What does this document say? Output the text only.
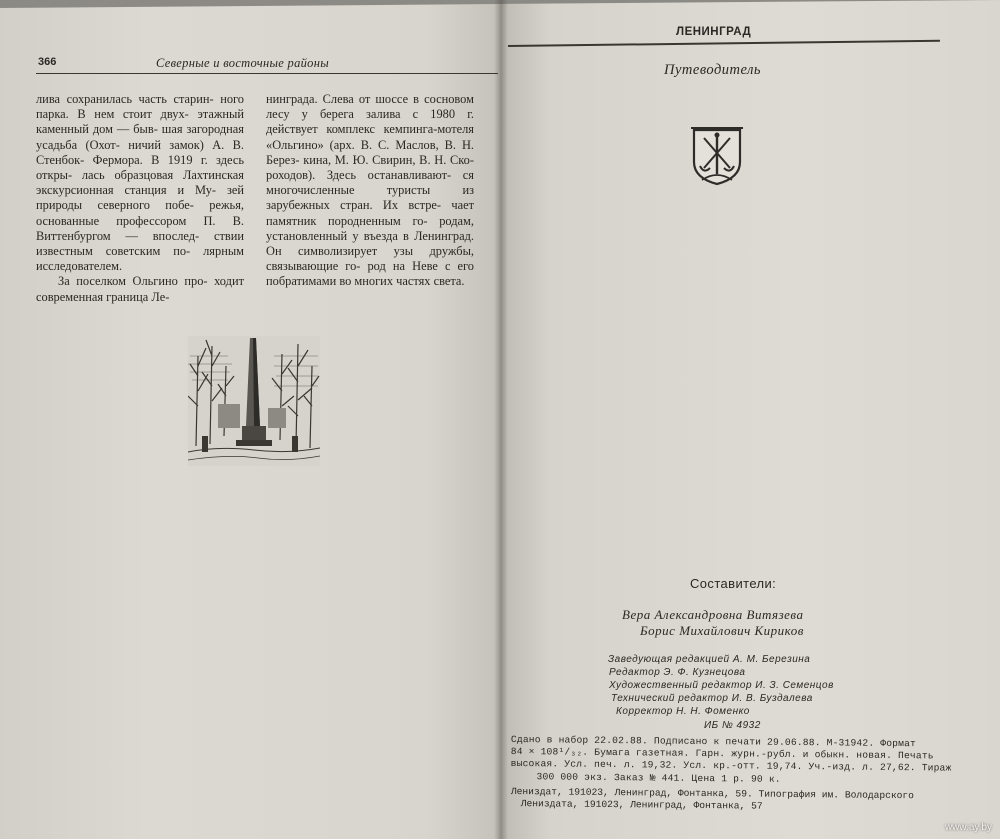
366	Северные и восточные районы

лива сохранилась часть старин- ного парка. В нем стоит двух- этажный каменный дом — быв- шая загородная усадьба (Охот- ничий замок) А. В. Стенбок- Фермора. В 1919 г. здесь откры- лась образцовая Лахтинская экскурсионная станция и Му- зей природы северного побе- режья, основанные профессором П. В. Виттенбургом — впослед- ствии известным советским по- лярным исследователем.

За поселком Ольгино про- ходит современная граница Ле-

нинграда. Слева от шоссе в сосновом лесу у берега залива с 1980 г. действует комплекс кемпинга-мотеля «Ольгино» (арх. В. С. Маслов, В. Н. Берез- кина, М. Ю. Свирин, В. Н. Ско- роходов). Здесь останавливают- ся многочисленные туристы из зарубежных стран. Их встре- чает памятник породненным го- родам, установленный у въезда в Ленинград. Он символизирует узы дружбы, связывающие го- род на Неве с его побратимами во многих частях света.

ЛЕНИНГРАД
Путеводитель
Составители:
Вера Александровна Витязева
Борис Михайлович Кириков
Заведующая редакцией А. М. Березина
Редактор Э. Ф. Кузнецова
Художественный редактор И. З. Семенцов
Технический редактор И. В. Буздалева
Корректор Н. Н. Фоменко
ИБ № 4932
Сдано в набор 22.02.88. Подписано к печати 29.06.88. М-31942. Формат
84 × 108¹/₃₂. Бумага газетная. Гарн. журн.-рубл. и обыкн. новая. Печать
высокая. Усл. печ. л. 19,32. Усл. кр.-отт. 19,74. Уч.-изд. л. 27,62. Тираж
300 000 экз. Заказ № 441. Цена 1 р. 90 к.
Лениздат, 191023, Ленинград, Фонтанка, 59. Типография им. Володарского
Лениздата, 191023, Ленинград, Фонтанка, 57
www.ay.by
